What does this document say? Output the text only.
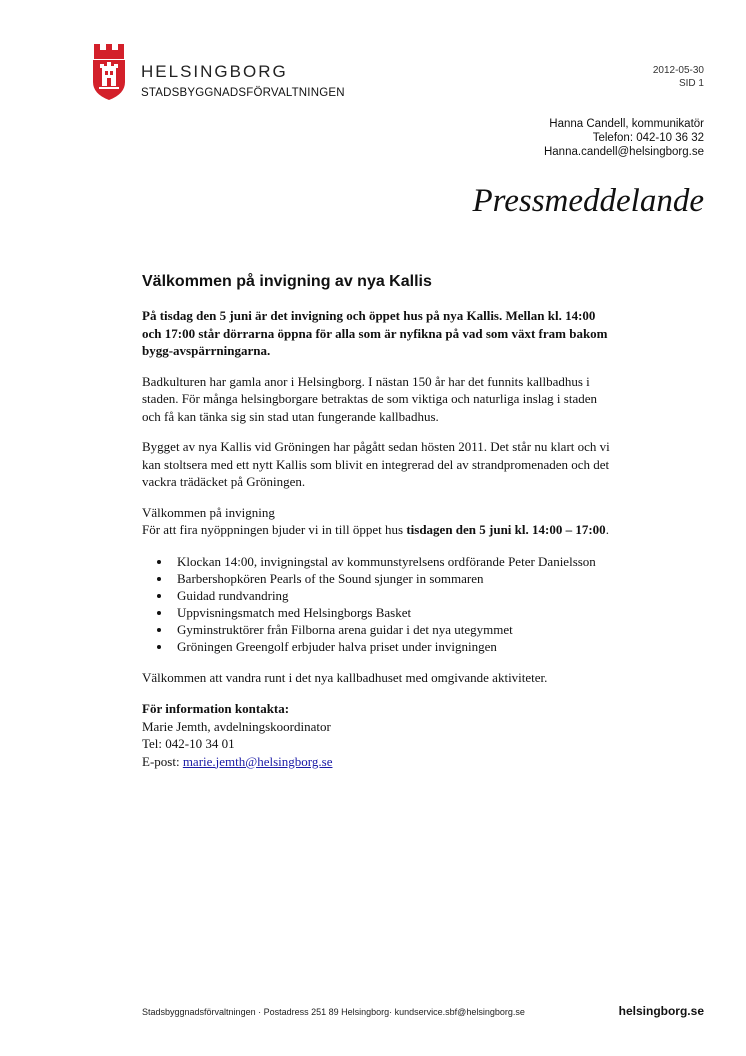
HELSINGBORG
STADSBYGGNADSFÖRVALTNINGEN
2012-05-30
SID 1
Hanna Candell, kommunikatör
Telefon: 042-10 36 32
Hanna.candell@helsingborg.se
Pressmeddelande
Välkommen på invigning av nya Kallis

På tisdag den 5 juni är det invigning och öppet hus på nya Kallis. Mellan kl. 14:00 och 17:00 står dörrarna öppna för alla som är nyfikna på vad som växt fram bakom bygg-avspärrningarna.

Badkulturen har gamla anor i Helsingborg. I nästan 150 år har det funnits kallbadhus i staden. För många helsingborgare betraktas de som viktiga och naturliga inslag i staden och få kan tänka sig sin stad utan fungerande kallbadhus.

Bygget av nya Kallis vid Gröningen har pågått sedan hösten 2011. Det står nu klart och vi kan stoltsera med ett nytt Kallis som blivit en integrerad del av strandpromenaden och det vackra trädäcket på Gröningen.

Välkommen på invigning
För att fira nyöppningen bjuder vi in till öppet hus tisdagen den 5 juni kl. 14:00 – 17:00.

• Klockan 14:00, invigningstal av kommunstyrelsens ordförande Peter Danielsson
• Barbershopkören Pearls of the Sound sjunger in sommaren
• Guidad rundvandring
• Uppvisningsmatch med Helsingborgs Basket
• Gyminstruktörer från Filborna arena guidar i det nya utegymmet
• Gröningen Greengolf erbjuder halva priset under invigningen

Välkommen att vandra runt i det nya kallbadhuset med omgivande aktiviteter.

För information kontakta:
Marie Jemth, avdelningskoordinator
Tel: 042-10 34 01
E-post: marie.jemth@helsingborg.se
Stadsbyggnadsförvaltningen · Postadress 251 89 Helsingborg· kundservice.sbf@helsingborg.se	helsingborg.se
